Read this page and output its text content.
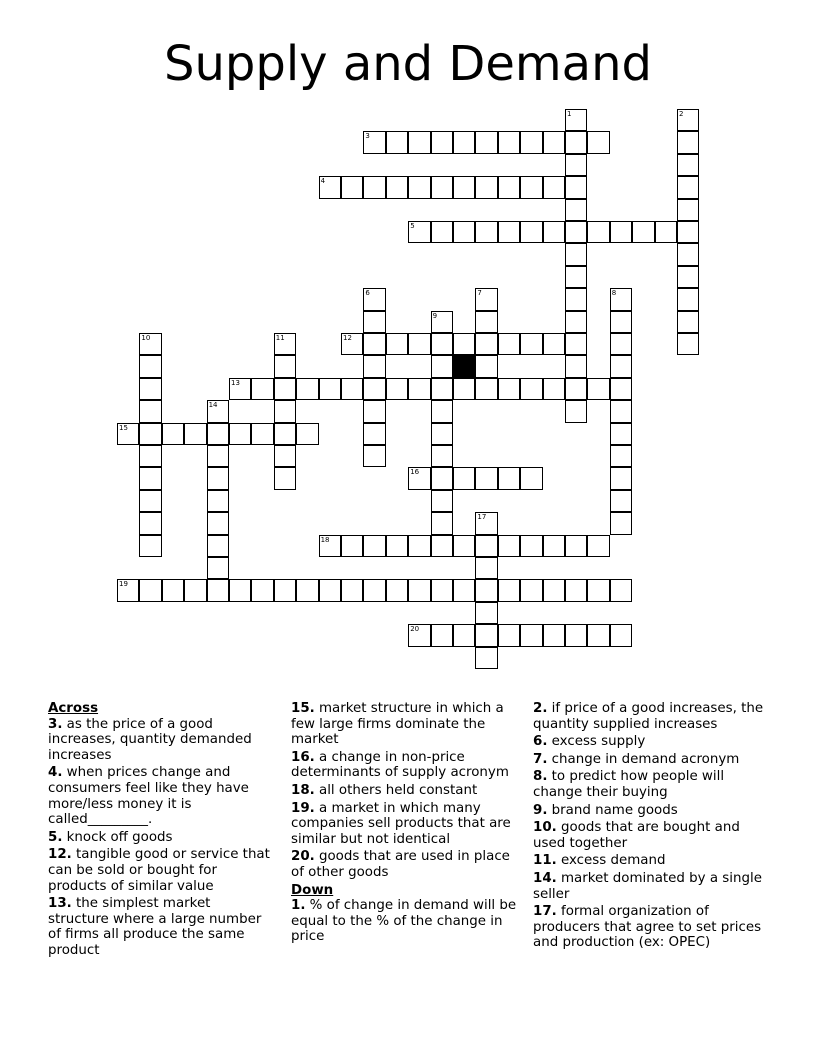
Supply and Demand
1	2
3
4
5
6	7	8
9
10	11	12
13
14
15
16
17
18
19
20

Across

3. as the price of a good increases, quantity demanded increases

4. when prices change and consumers feel like they have more/less money it is called_________.

5. knock off goods

12. tangible good or service that can be sold or bought for products of similar value

13. the simplest market structure where a large number of firms all produce the same product

15. market structure in which a few large firms dominate the market

16. a change in non-price determinants of supply acronym

18. all others held constant

19. a market in which many companies sell products that are similar but not identical

20. goods that are used in place of other goods

Down

1. % of change in demand will be equal to the % of the change in price

2. if price of a good increases, the quantity supplied increases

6. excess supply

7. change in demand acronym

8. to predict how people will change their buying

9. brand name goods

10. goods that are bought and used together

11. excess demand

14. market dominated by a single seller

17. formal organization of producers that agree to set prices and production (ex: OPEC)
